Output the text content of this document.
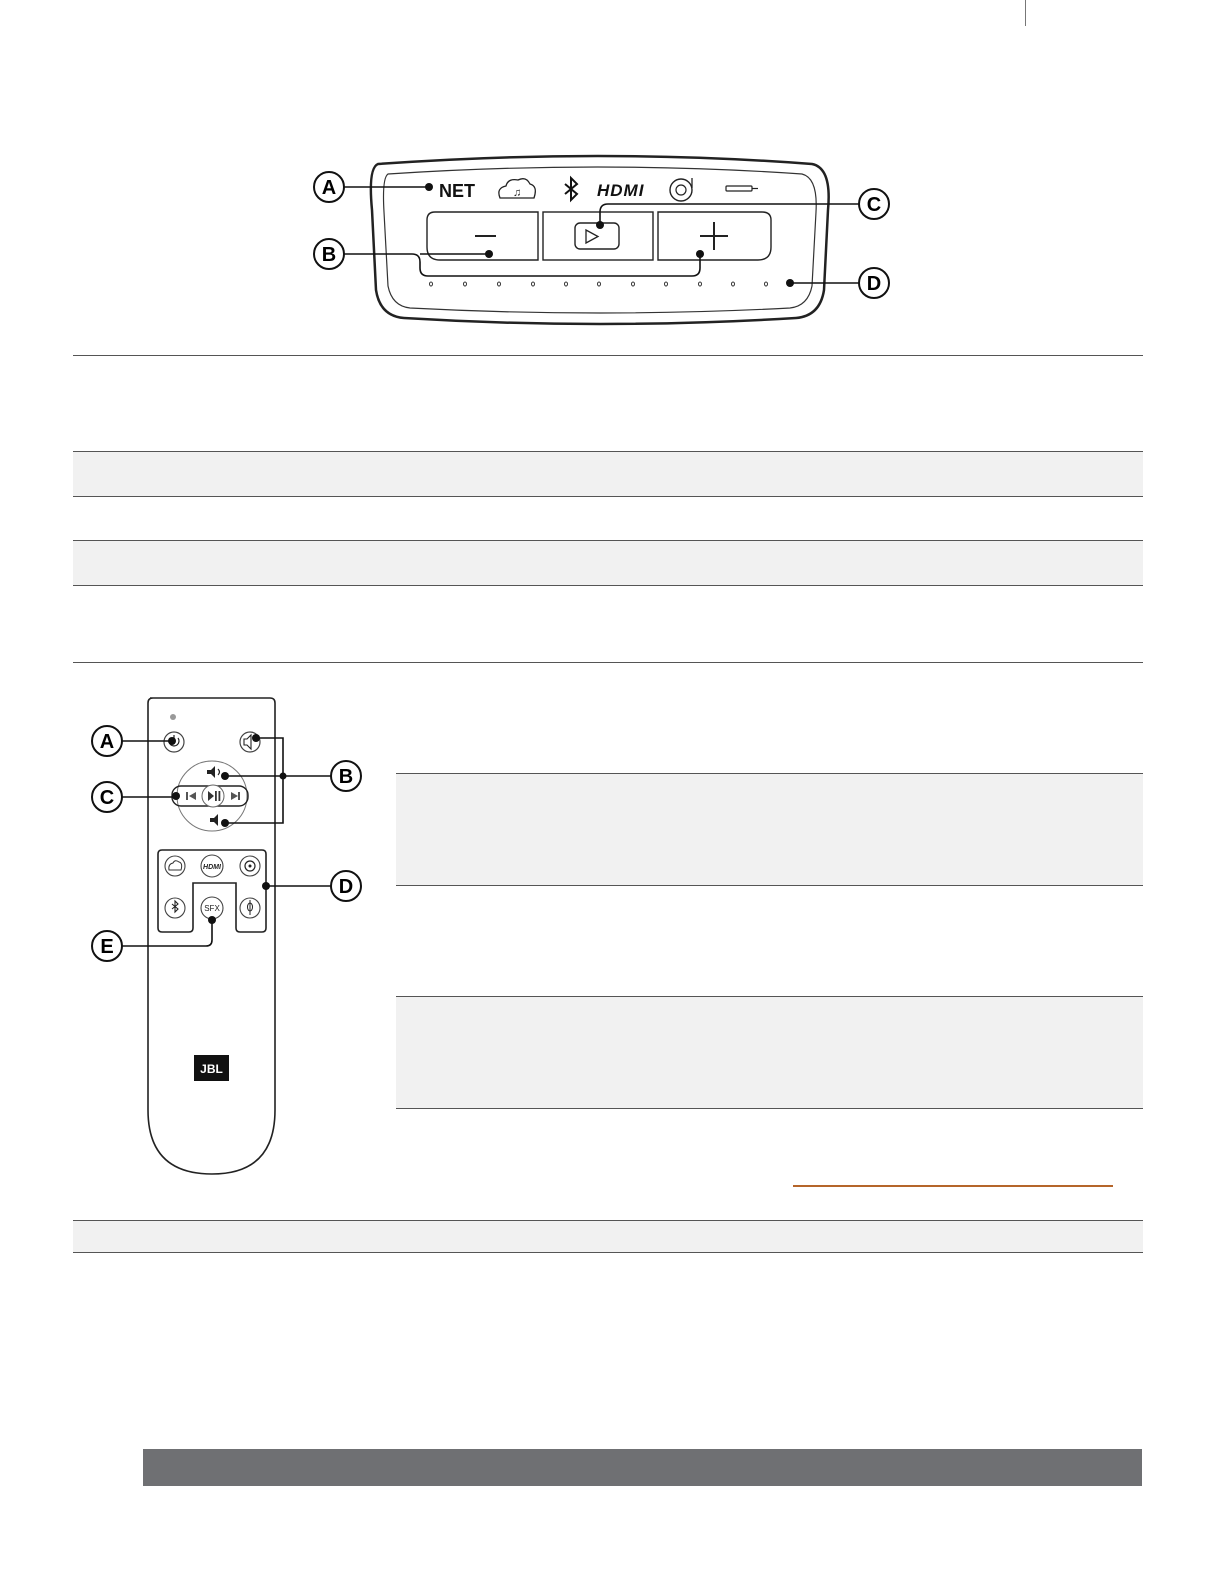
A	NET	♫	HDMI
B
C
D
A
B
C
HDMI
SFX
D
E
JBL
